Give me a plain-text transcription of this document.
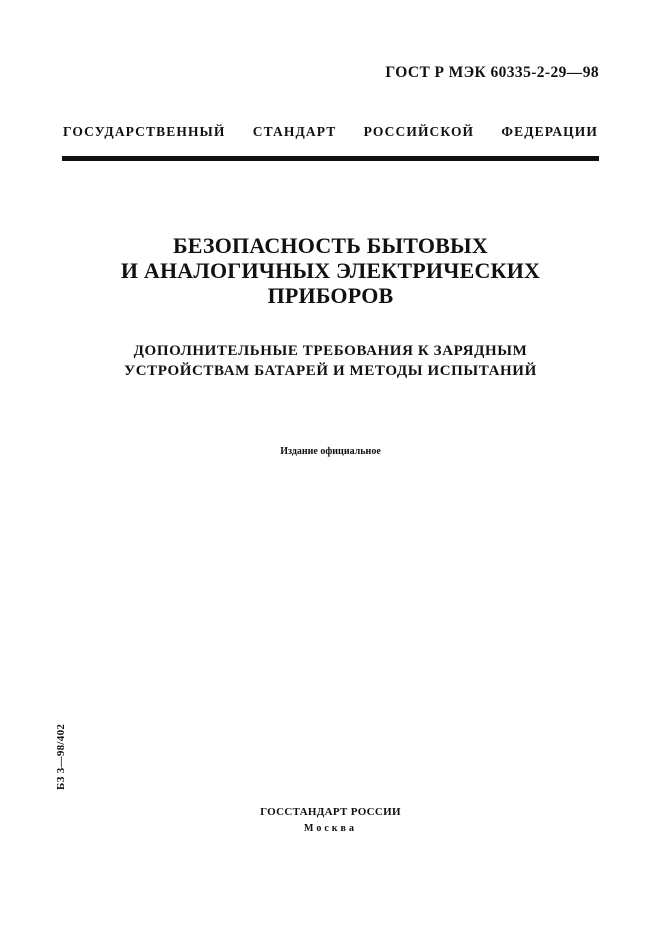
ГОСТ Р МЭК 60335-2-29—98
ГОСУДАРСТВЕННЫЙ СТАНДАРТ РОССИЙСКОЙ ФЕДЕРАЦИИ
БЕЗОПАСНОСТЬ БЫТОВЫХ
И АНАЛОГИЧНЫХ ЭЛЕКТРИЧЕСКИХ
ПРИБОРОВ
ДОПОЛНИТЕЛЬНЫЕ ТРЕБОВАНИЯ К ЗАРЯДНЫМ
УСТРОЙСТВАМ БАТАРЕЙ И МЕТОДЫ ИСПЫТАНИЙ
Издание официальное
БЗ 3—98/402
ГОССТАНДАРТ РОССИИ
Москва
